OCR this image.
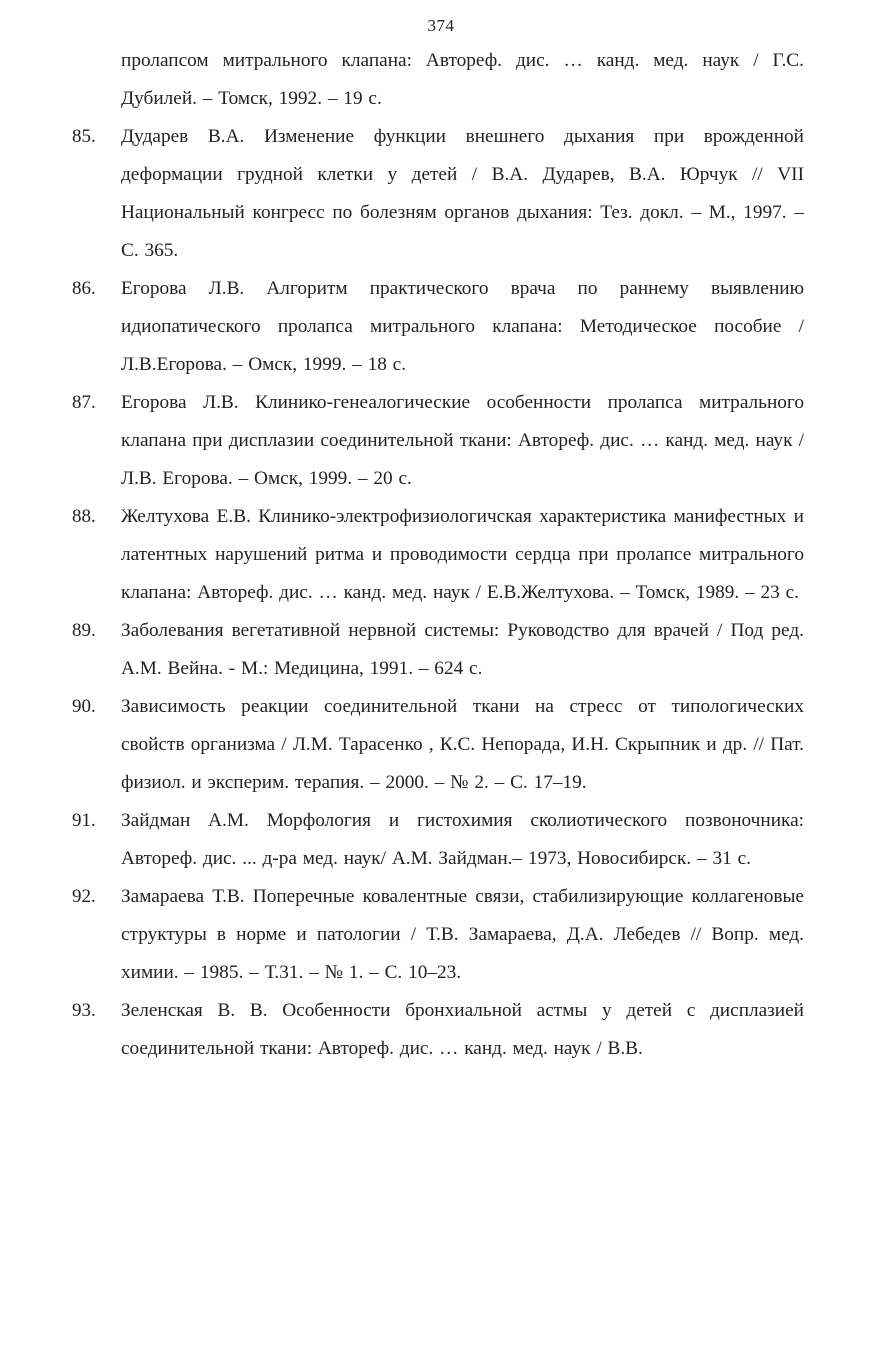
374
пролапсом митрального клапана: Автореф. дис. … канд. мед. наук / Г.С. Дубилей. – Томск, 1992. – 19 с.
85.	Дударев В.А. Изменение функции внешнего дыхания при врожденной деформации грудной клетки у детей / В.А. Дударев, В.А. Юрчук // VII Национальный конгресс по болезням органов дыхания: Тез. докл. – М., 1997. – С. 365.
86.	Егорова Л.В. Алгоритм практического врача по раннему выявлению идиопатического пролапса митрального клапана: Методическое пособие / Л.В.Егорова. – Омск, 1999. – 18 с.
87.	Егорова Л.В. Клинико-генеалогические особенности пролапса митрального клапана при дисплазии соединительной ткани: Автореф. дис. … канд. мед. наук / Л.В. Егорова. – Омск, 1999. – 20 с.
88.	Желтухова Е.В. Клинико-электрофизиологичская характеристика манифестных и латентных нарушений ритма и проводимости сердца при пролапсе митрального клапана: Автореф. дис. … канд. мед. наук / Е.В.Желтухова. – Томск, 1989. – 23 с.
89.	Заболевания вегетативной нервной системы: Руководство для врачей / Под ред. А.М. Вейна. - М.: Медицина, 1991. – 624 с.
90.	Зависимость реакции соединительной ткани на стресс от типологических свойств организма / Л.М. Тарасенко , К.С. Непорада, И.Н. Скрыпник и др. // Пат. физиол. и эксперим. терапия. – 2000. – № 2. – С. 17–19.
91.	Зайдман А.М. Морфология и гистохимия сколиотического позвоночника: Автореф. дис. ... д-ра мед. наук/ А.М. Зайдман.– 1973, Новосибирск. – 31 с.
92.	Замараева Т.В. Поперечные ковалентные связи, стабилизирующие коллагеновые структуры в норме и патологии / Т.В. Замараева, Д.А. Лебедев // Вопр. мед. химии. – 1985. – Т.31. – № 1. – С. 10–23.
93.	Зеленская В. В. Особенности бронхиальной астмы у детей с дисплазией соединительной ткани: Автореф. дис. … канд. мед. наук / В.В.
